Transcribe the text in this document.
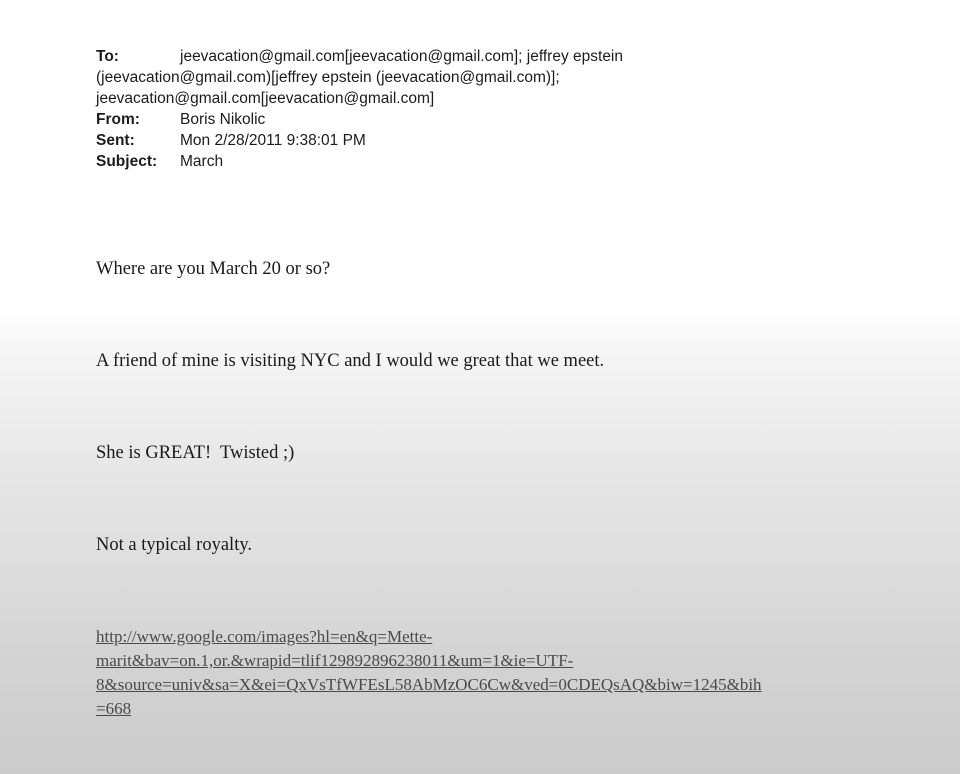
To:	jeevacation@gmail.com[jeevacation@gmail.com]; jeffrey epstein
(jeevacation@gmail.com)[jeffrey epstein (jeevacation@gmail.com)];
jeevacation@gmail.com[jeevacation@gmail.com]
From:	Boris Nikolic
Sent:	Mon 2/28/2011 9:38:01 PM
Subject:	March
Where are you March 20 or so?
A friend of mine is visiting NYC and I would we great that we meet.
She is GREAT!  Twisted ;)
Not a typical royalty.
http://www.google.com/images?hl=en&q=Mette-
marit&bav=on.1,or.&wrapid=tlif129892896238011&um=1&ie=UTF-
8&source=univ&sa=X&ei=QxVsTfWFEsL58AbMzOC6Cw&ved=0CDEQsAQ&biw=1245&bih
=668
